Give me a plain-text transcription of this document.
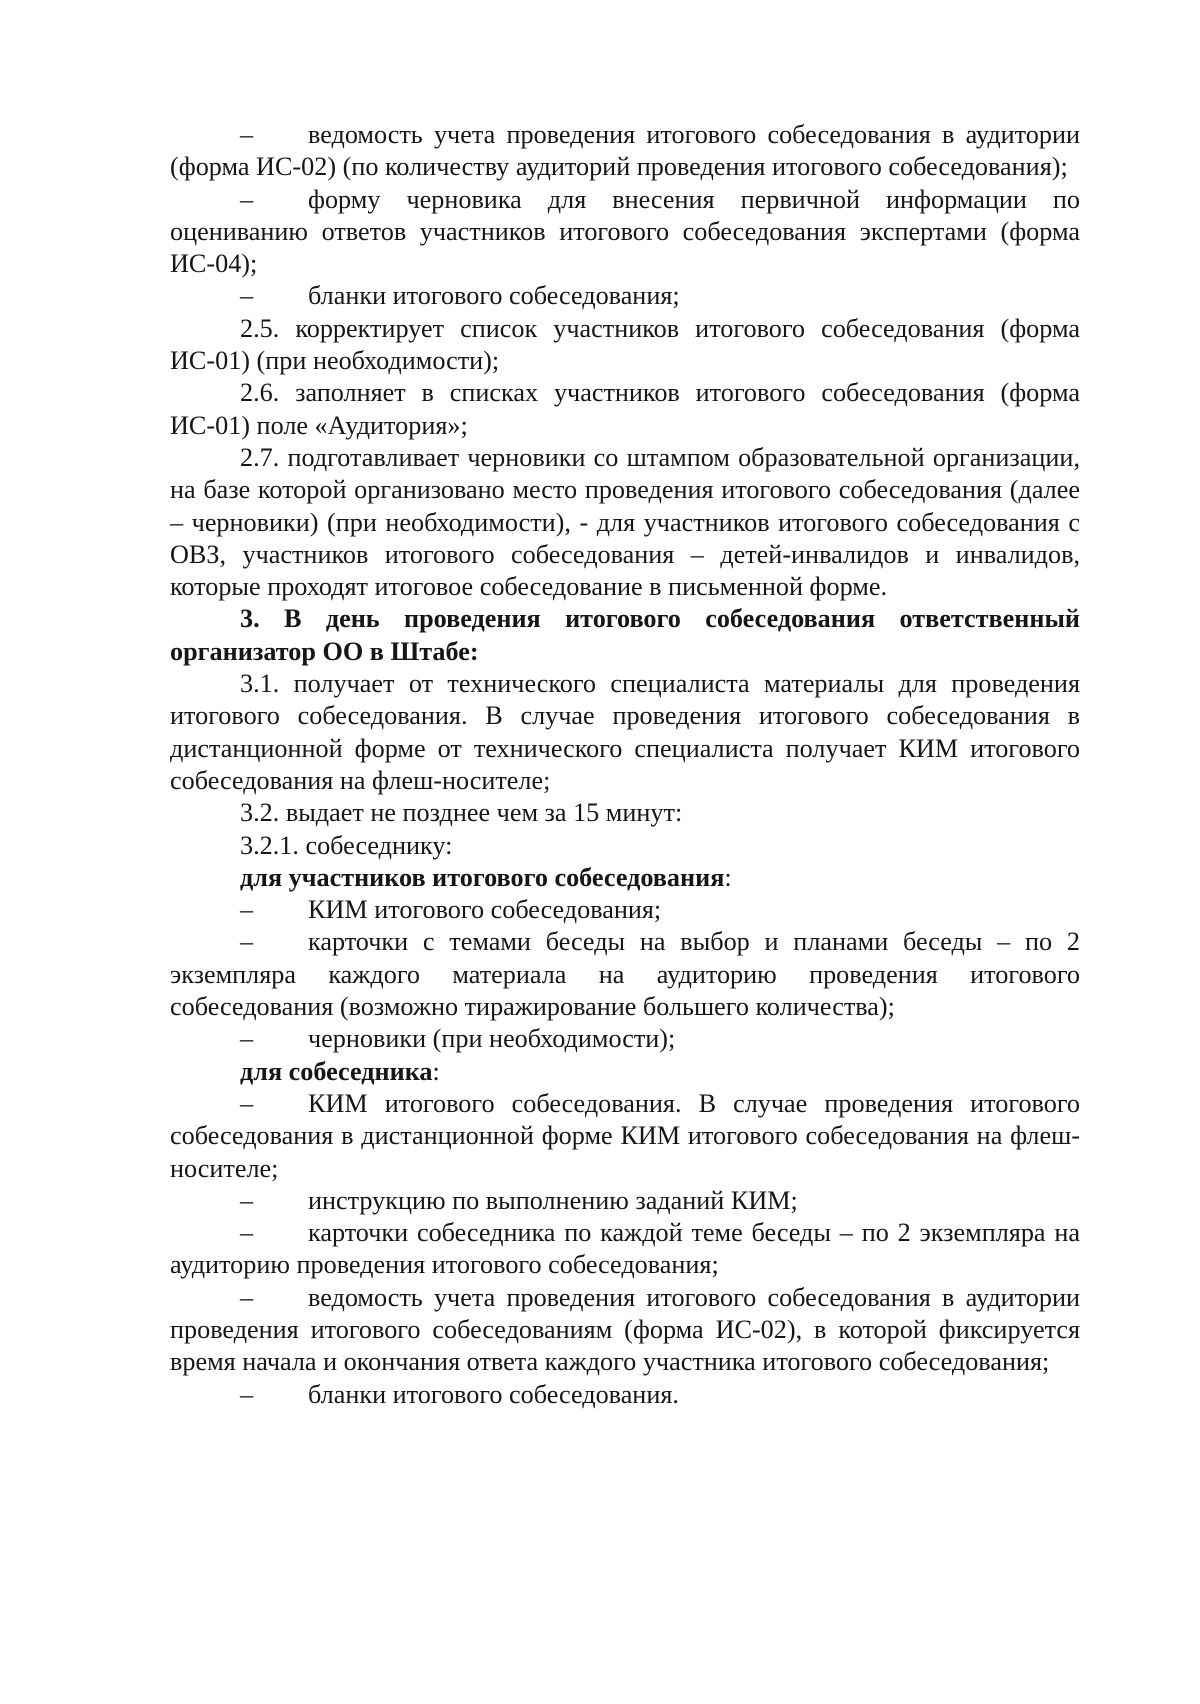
– ведомость учета проведения итогового собеседования в аудитории (форма ИС-02) (по количеству аудиторий проведения итогового собеседования);

– форму черновика для внесения первичной информации по оцениванию ответов участников итогового собеседования экспертами (форма ИС-04);

– бланки итогового собеседования;

2.5. корректирует список участников итогового собеседования (форма ИС-01) (при необходимости);

2.6. заполняет в списках участников итогового собеседования (форма ИС-01) поле «Аудитория»;

2.7. подготавливает черновики со штампом образовательной организации, на базе которой организовано место проведения итогового собеседования (далее – черновики) (при необходимости), - для участников итогового собеседования с ОВЗ, участников итогового собеседования – детей-инвалидов и инвалидов, которые проходят итоговое собеседование в письменной форме.

3. В день проведения итогового собеседования ответственный организатор ОО в Штабе:

3.1. получает от технического специалиста материалы для проведения итогового собеседования. В случае проведения итогового собеседования в дистанционной форме от технического специалиста получает КИМ итогового собеседования на флеш-носителе;

3.2. выдает не позднее чем за 15 минут:

3.2.1. собеседнику:

для участников итогового собеседования:

– КИМ итогового собеседования;

– карточки с темами беседы на выбор и планами беседы – по 2 экземпляра каждого материала на аудиторию проведения итогового собеседования (возможно тиражирование большего количества);

– черновики (при необходимости);

для собеседника:

– КИМ итогового собеседования. В случае проведения итогового собеседования в дистанционной форме КИМ итогового собеседования на флеш-носителе;

– инструкцию по выполнению заданий КИМ;

– карточки собеседника по каждой теме беседы – по 2 экземпляра на аудиторию проведения итогового собеседования;

– ведомость учета проведения итогового собеседования в аудитории проведения итогового собеседованиям (форма ИС-02), в которой фиксируется время начала и окончания ответа каждого участника итогового собеседования;

– бланки итогового собеседования.
